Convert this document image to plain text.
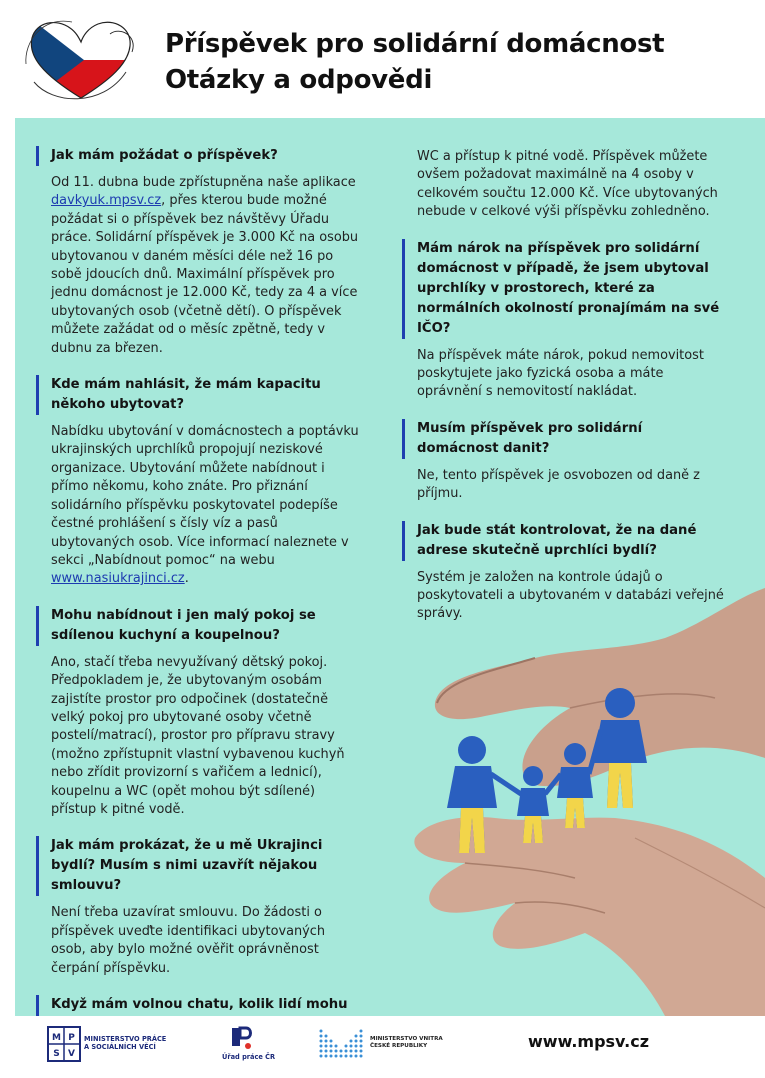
Příspěvek pro solidární domácnost
Otázky a odpovědi
Jak mám požádat o příspěvek?
Od 11. dubna bude zpřístupněna naše aplikace davkyuk.mpsv.cz, přes kterou bude možné požádat si o příspěvek bez návštěvy Úřadu práce. Solidární příspěvek je 3.000 Kč na osobu ubytovanou v daném měsíci déle než 16 po sobě jdoucích dnů. Maximální příspěvek pro jednu domácnost je 12.000 Kč, tedy za 4 a více ubytovaných osob (včetně dětí). O příspěvek můžete zažádat od o měsíc zpětně, tedy v dubnu za březen.
Kde mám nahlásit, že mám kapacitu někoho ubytovat?
Nabídku ubytování v domácnostech a poptávku ukrajinských uprchlíků propojují neziskové organizace. Ubytování můžete nabídnout i přímo někomu, koho znáte. Pro přiznání solidárního příspěvku poskytovatel podepíše čestné prohlášení s čísly víz a pasů ubytovaných osob. Více informací naleznete v sekci „Nabídnout pomoc“ na webu www.nasiukrajinci.cz.
Mohu nabídnout i jen malý pokoj se sdílenou kuchyní a koupelnou?
Ano, stačí třeba nevyužívaný dětský pokoj. Předpokladem je, že ubytovaným osobám zajistíte prostor pro odpočinek (dostatečně velký pokoj pro ubytované osoby včetně postelí/matrací), prostor pro přípravu stravy (možno zpřístupnit vlastní vybavenou kuchyň nebo zřídit provizorní s vařičem a lednicí), koupelnu a WC (opět mohou být sdílené) přístup k pitné vodě.
Jak mám prokázat, že u mě Ukrajinci bydlí? Musím s nimi uzavřít nějakou smlouvu?
Není třeba uzavírat smlouvu. Do žádosti o příspěvek uveďte identifikaci ubytovaných osob, aby bylo možné ověřit oprávněnost čerpání příspěvku.
Když mám volnou chatu, kolik lidí mohu
WC a přístup k pitné vodě. Příspěvek můžete ovšem požadovat maximálně na 4 osoby v celkovém součtu 12.000 Kč. Více ubytovaných nebude v celkové výši příspěvku zohledněno.
Mám nárok na příspěvek pro solidární domácnost v případě, že jsem ubytoval uprchlíky v prostorech, které za normálních okolností pronajímám na své IČO?
Na příspěvek máte nárok, pokud nemovitost poskytujete jako fyzická osoba a máte oprávnění s nemovitostí nakládat.
Musím příspěvek pro solidární domácnost danit?
Ne, tento příspěvek je osvobozen od daně z příjmu.
Jak bude stát kontrolovat, že na dané adrese skutečně uprchlíci bydlí?
Systém je založen na kontrole údajů o poskytovateli a ubytovaném v databázi veřejné správy.
M P
S V
MINISTERSTVO PRÁCE
A SOCIÁLNÍCH VĚCÍ
Úřad práce ČR
MINISTERSTVO VNITRA
ČESKÉ REPUBLIKY	www.mpsv.cz
